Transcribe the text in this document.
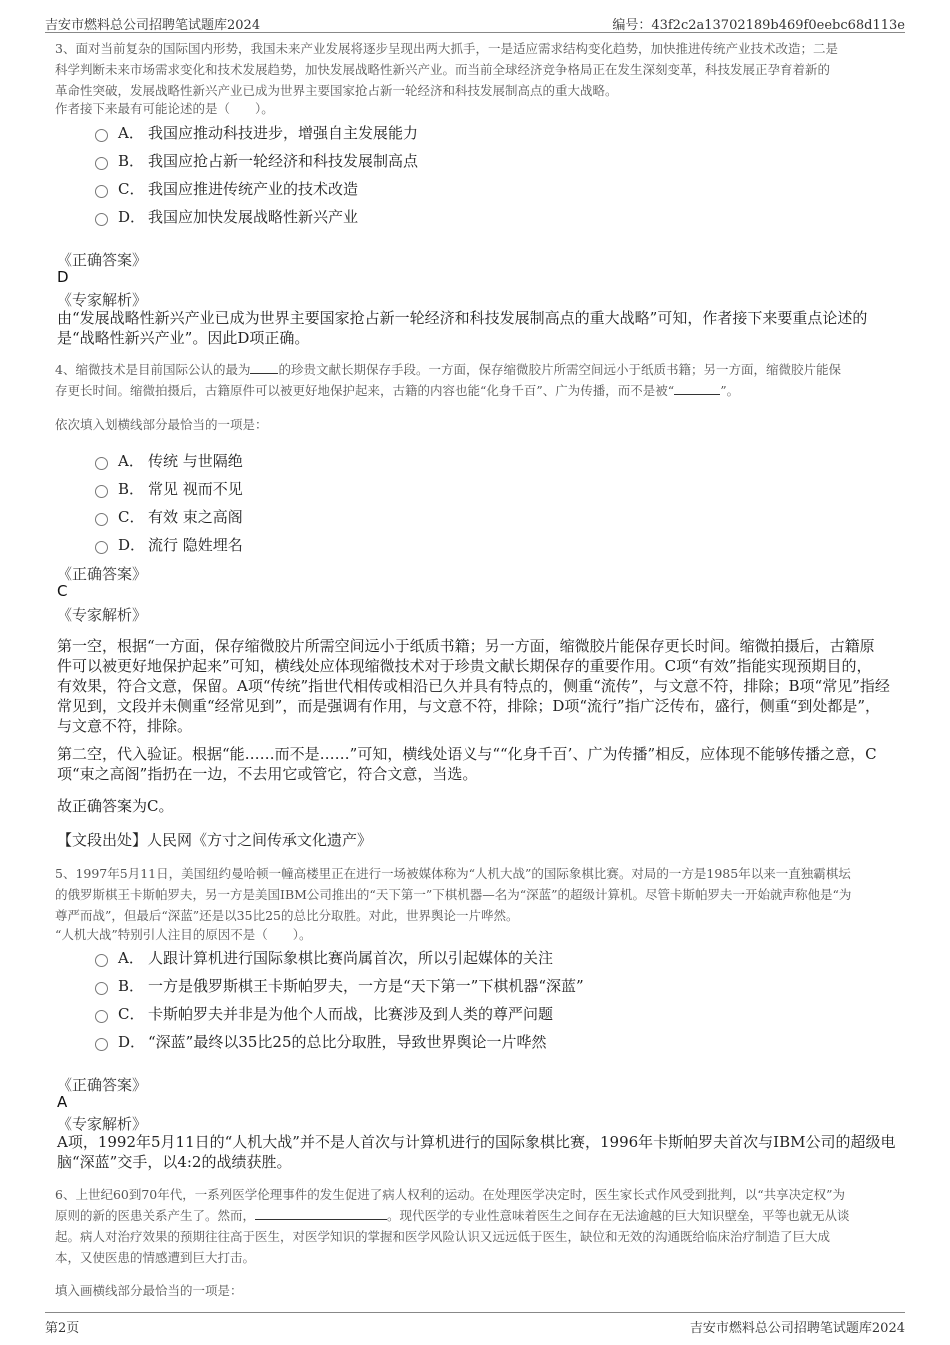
吉安市燃料总公司招聘笔试题库2024	编号：43f2c2a13702189b469f0eebc68d113e
3、面对当前复杂的国际国内形势，我国未来产业发展将逐步呈现出两大抓手，一是适应需求结构变化趋势，加快推进传统产业技术改造；二是
科学判断未来市场需求变化和技术发展趋势，加快发展战略性新兴产业。而当前全球经济竞争格局正在发生深刻变革，科技发展正孕育着新的
革命性突破，发展战略性新兴产业已成为世界主要国家抢占新一轮经济和科技发展制高点的重大战略。
作者接下来最有可能论述的是（　　）。
A． 我国应推动科技进步，增强自主发展能力
B． 我国应抢占新一轮经济和科技发展制高点
C． 我国应推进传统产业的技术改造
D． 我国应加快发展战略性新兴产业
《正确答案》
D
《专家解析》
由“发展战略性新兴产业已成为世界主要国家抢占新一轮经济和科技发展制高点的重大战略”可知，作者接下来要重点论述的
是“战略性新兴产业”。因此D项正确。
4、缩微技术是目前国际公认的最为 的珍贵文献长期保存手段。一方面，保存缩微胶片所需空间远小于纸质书籍；另一方面，缩微胶片能保
存更长时间。缩微拍摄后，古籍原件可以被更好地保护起来，古籍的内容也能“化身千百”、广为传播，而不是被“	”。
依次填入划横线部分最恰当的一项是：
A． 传统 与世隔绝
B． 常见 视而不见
C． 有效 束之高阁
D． 流行 隐姓埋名
《正确答案》
C
《专家解析》
第一空，根据“一方面，保存缩微胶片所需空间远小于纸质书籍；另一方面，缩微胶片能保存更长时间。缩微拍摄后，古籍原
件可以被更好地保护起来”可知，横线处应体现缩微技术对于珍贵文献长期保存的重要作用。C项“有效”指能实现预期目的，
有效果，符合文意，保留。A项“传统”指世代相传或相沿已久并具有特点的，侧重“流传”，与文意不符，排除；B项“常见”指经
常见到，文段并未侧重“经常见到”，而是强调有作用，与文意不符，排除；D项“流行”指广泛传布，盛行，侧重“到处都是”，
与文意不符，排除。
第二空，代入验证。根据“能……而不是……”可知，横线处语义与““化身千百’、广为传播”相反，应体现不能够传播之意，C
项“束之高阁”指扔在一边，不去用它或管它，符合文意，当选。
故正确答案为C。
【文段出处】人民网《方寸之间传承文化遗产》
5、1997年5月11日，美国纽约曼哈顿一幢高楼里正在进行一场被媒体称为“人机大战”的国际象棋比赛。对局的一方是1985年以来一直独霸棋坛
的俄罗斯棋王卡斯帕罗夫，另一方是美国IBM公司推出的“天下第一”下棋机器—名为“深蓝”的超级计算机。尽管卡斯帕罗夫一开始就声称他是“为
尊严而战”，但最后“深蓝”还是以35比25的总比分取胜。对此，世界舆论一片哗然。
“人机大战”特别引人注目的原因不是（　　）。
A． 人跟计算机进行国际象棋比赛尚属首次，所以引起媒体的关注
B． 一方是俄罗斯棋王卡斯帕罗夫，一方是“天下第一”下棋机器“深蓝”
C． 卡斯帕罗夫并非是为他个人而战，比赛涉及到人类的尊严问题
D． “深蓝”最终以35比25的总比分取胜，导致世界舆论一片哗然
《正确答案》
A
《专家解析》
A项，1992年5月11日的“人机大战”并不是人首次与计算机进行的国际象棋比赛，1996年卡斯帕罗夫首次与IBM公司的超级电
脑“深蓝”交手，以4:2的战绩获胜。
6、上世纪60到70年代，一系列医学伦理事件的发生促进了病人权利的运动。在处理医学决定时，医生家长式作风受到批判，以“共享决定权”为
原则的新的医患关系产生了。然而，	。现代医学的专业性意味着医生之间存在无法逾越的巨大知识壁垒，平等也就无从谈
起。病人对治疗效果的预期往往高于医生，对医学知识的掌握和医学风险认识又远远低于医生，缺位和无效的沟通既给临床治疗制造了巨大成
本，又使医患的情感遭到巨大打击。
填入画横线部分最恰当的一项是：
第2页	吉安市燃料总公司招聘笔试题库2024
